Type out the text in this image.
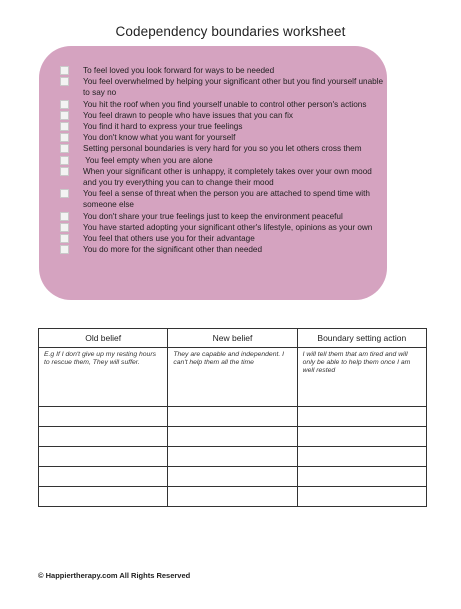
Codependency boundaries worksheet
To feel loved you look forward for ways to be needed
You feel overwhelmed by helping your significant other but you find yourself unable to say no
You hit the roof when you find yourself unable to control other person's actions
You feel drawn to people who have issues that you can fix
You find it hard to express your true feelings
You don't know what you want for yourself
Setting personal boundaries is very hard for you so you let others cross them
You feel empty when you are alone
When your significant other is unhappy, it completely takes over your own mood and you try everything you can to change their mood
You feel a sense of threat when the person you are attached to spend time with someone else
You don't share your true feelings just to keep the environment peaceful
You have started adopting your significant other's lifestyle, opinions as your own
You feel that others use you for their advantage
You do more for the significant other than needed
Old belief	New belief	Boundary setting action
E.g If I don't give up my resting hours to rescue them, They will suffer.	They are capable and independent. I can't help them all the time	I will tell them that am tired and will only be able to help them once I am well rested

© Happiertherapy.com All Rights Reserved
